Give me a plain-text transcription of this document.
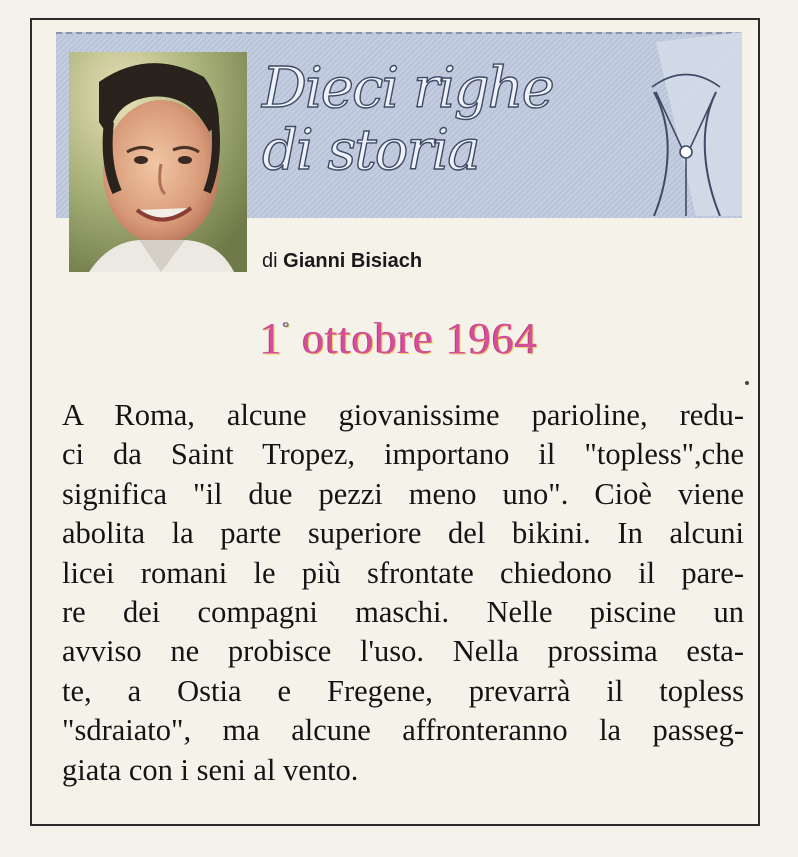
Dieci righe
di storia
di Gianni Bisiach
1° ottobre 1964
A Roma, alcune giovanissime parioline, redu-
ci da Saint Tropez, importano il "topless",che
significa "il due pezzi meno uno". Cioè viene
abolita la parte superiore del bikini. In alcuni
licei romani le più sfrontate chiedono il pare-
re dei compagni maschi. Nelle piscine un
avviso ne probisce l'uso. Nella prossima esta-
te, a Ostia e Fregene, prevarrà il topless
"sdraiato", ma alcune affronteranno la passeg-
giata con i seni al vento.
